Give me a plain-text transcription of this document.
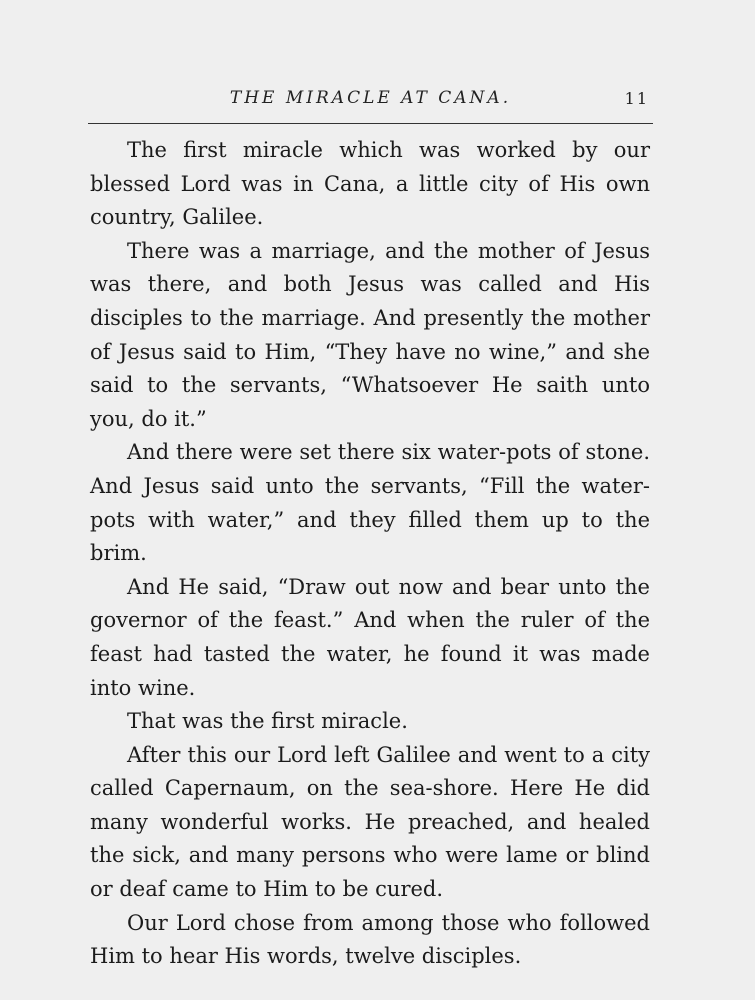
THE MIRACLE AT CANA.	11

The first miracle which was worked by our blessed Lord was in Cana, a little city of His own country, Galilee.

There was a marriage, and the mother of Jesus was there, and both Jesus was called and His disciples to the marriage. And presently the mother of Jesus said to Him, “They have no wine,” and she said to the servants, “Whatsoever He saith unto you, do it.”

And there were set there six water-pots of stone. And Jesus said unto the servants, “Fill the water-pots with water,” and they filled them up to the brim.

And He said, “Draw out now and bear unto the governor of the feast.” And when the ruler of the feast had tasted the water, he found it was made into wine.

That was the first miracle.

After this our Lord left Galilee and went to a city called Capernaum, on the sea-shore. Here He did many wonderful works. He preached, and healed the sick, and many persons who were lame or blind or deaf came to Him to be cured.

Our Lord chose from among those who followed Him to hear His words, twelve disciples.
